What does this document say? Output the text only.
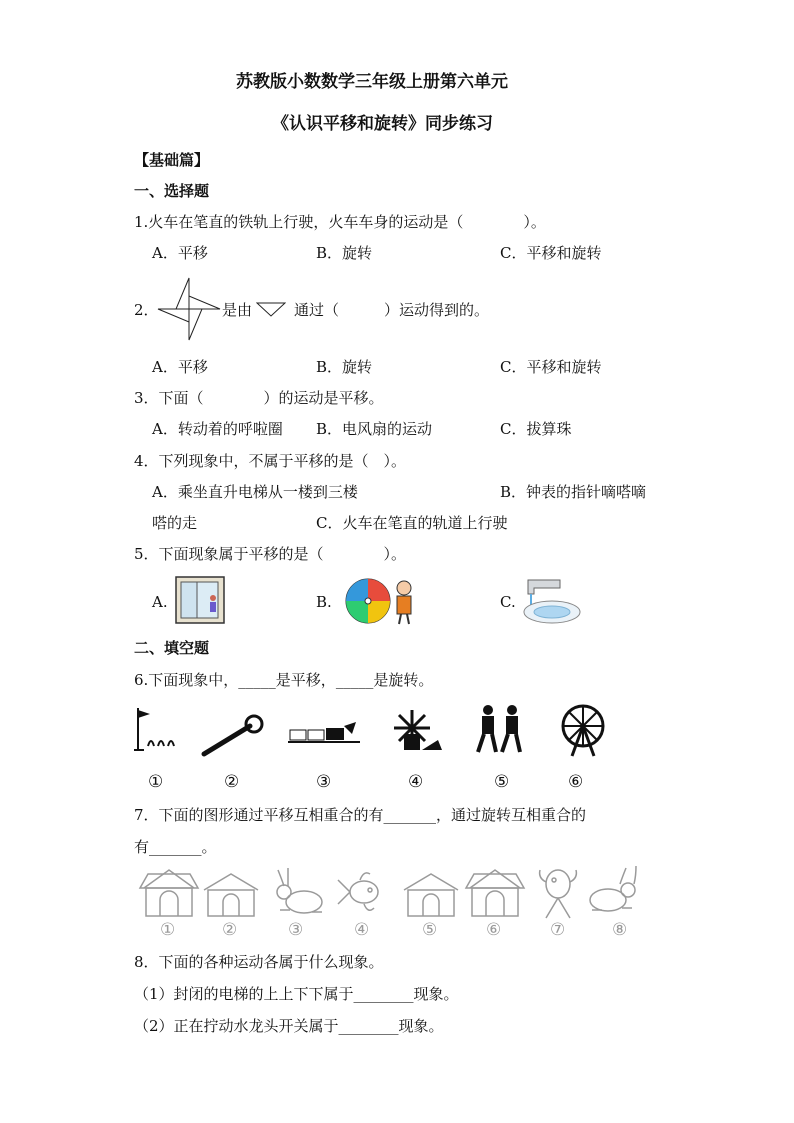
苏教版小数数学三年级上册第六单元
《认识平移和旋转》同步练习
【基础篇】
一、选择题
1.火车在笔直的铁轨上行驶，火车车身的运动是（　　　　）。
A．平移	B．旋转	C．平移和旋转
2．	是由	通过（　　　）运动得到的。
A．平移	B．旋转	C．平移和旋转
3．下面（　　　　）的运动是平移。
A．转动着的呼啦圈 B．电风扇的运动	C．拔算珠
4．下列现象中，不属于平移的是（　）。
A．乘坐直升电梯从一楼到三楼	B．钟表的指针嘀嗒嘀
嗒的走	C．火车在笔直的轨道上行驶
5．下面现象属于平移的是（　　　　）。
A.	B.	C.
二、填空题
6.下面现象中，_____是平移，_____是旋转。
①	②	③	④	⑤	⑥
7．下面的图形通过平移互相重合的有_______，通过旋转互相重合的
有_______。
①	②	③	④	⑤	⑥	⑦	⑧
8．下面的各种运动各属于什么现象。
（1）封闭的电梯的上上下下属于________现象。
（2）正在拧动水龙头开关属于________现象。
